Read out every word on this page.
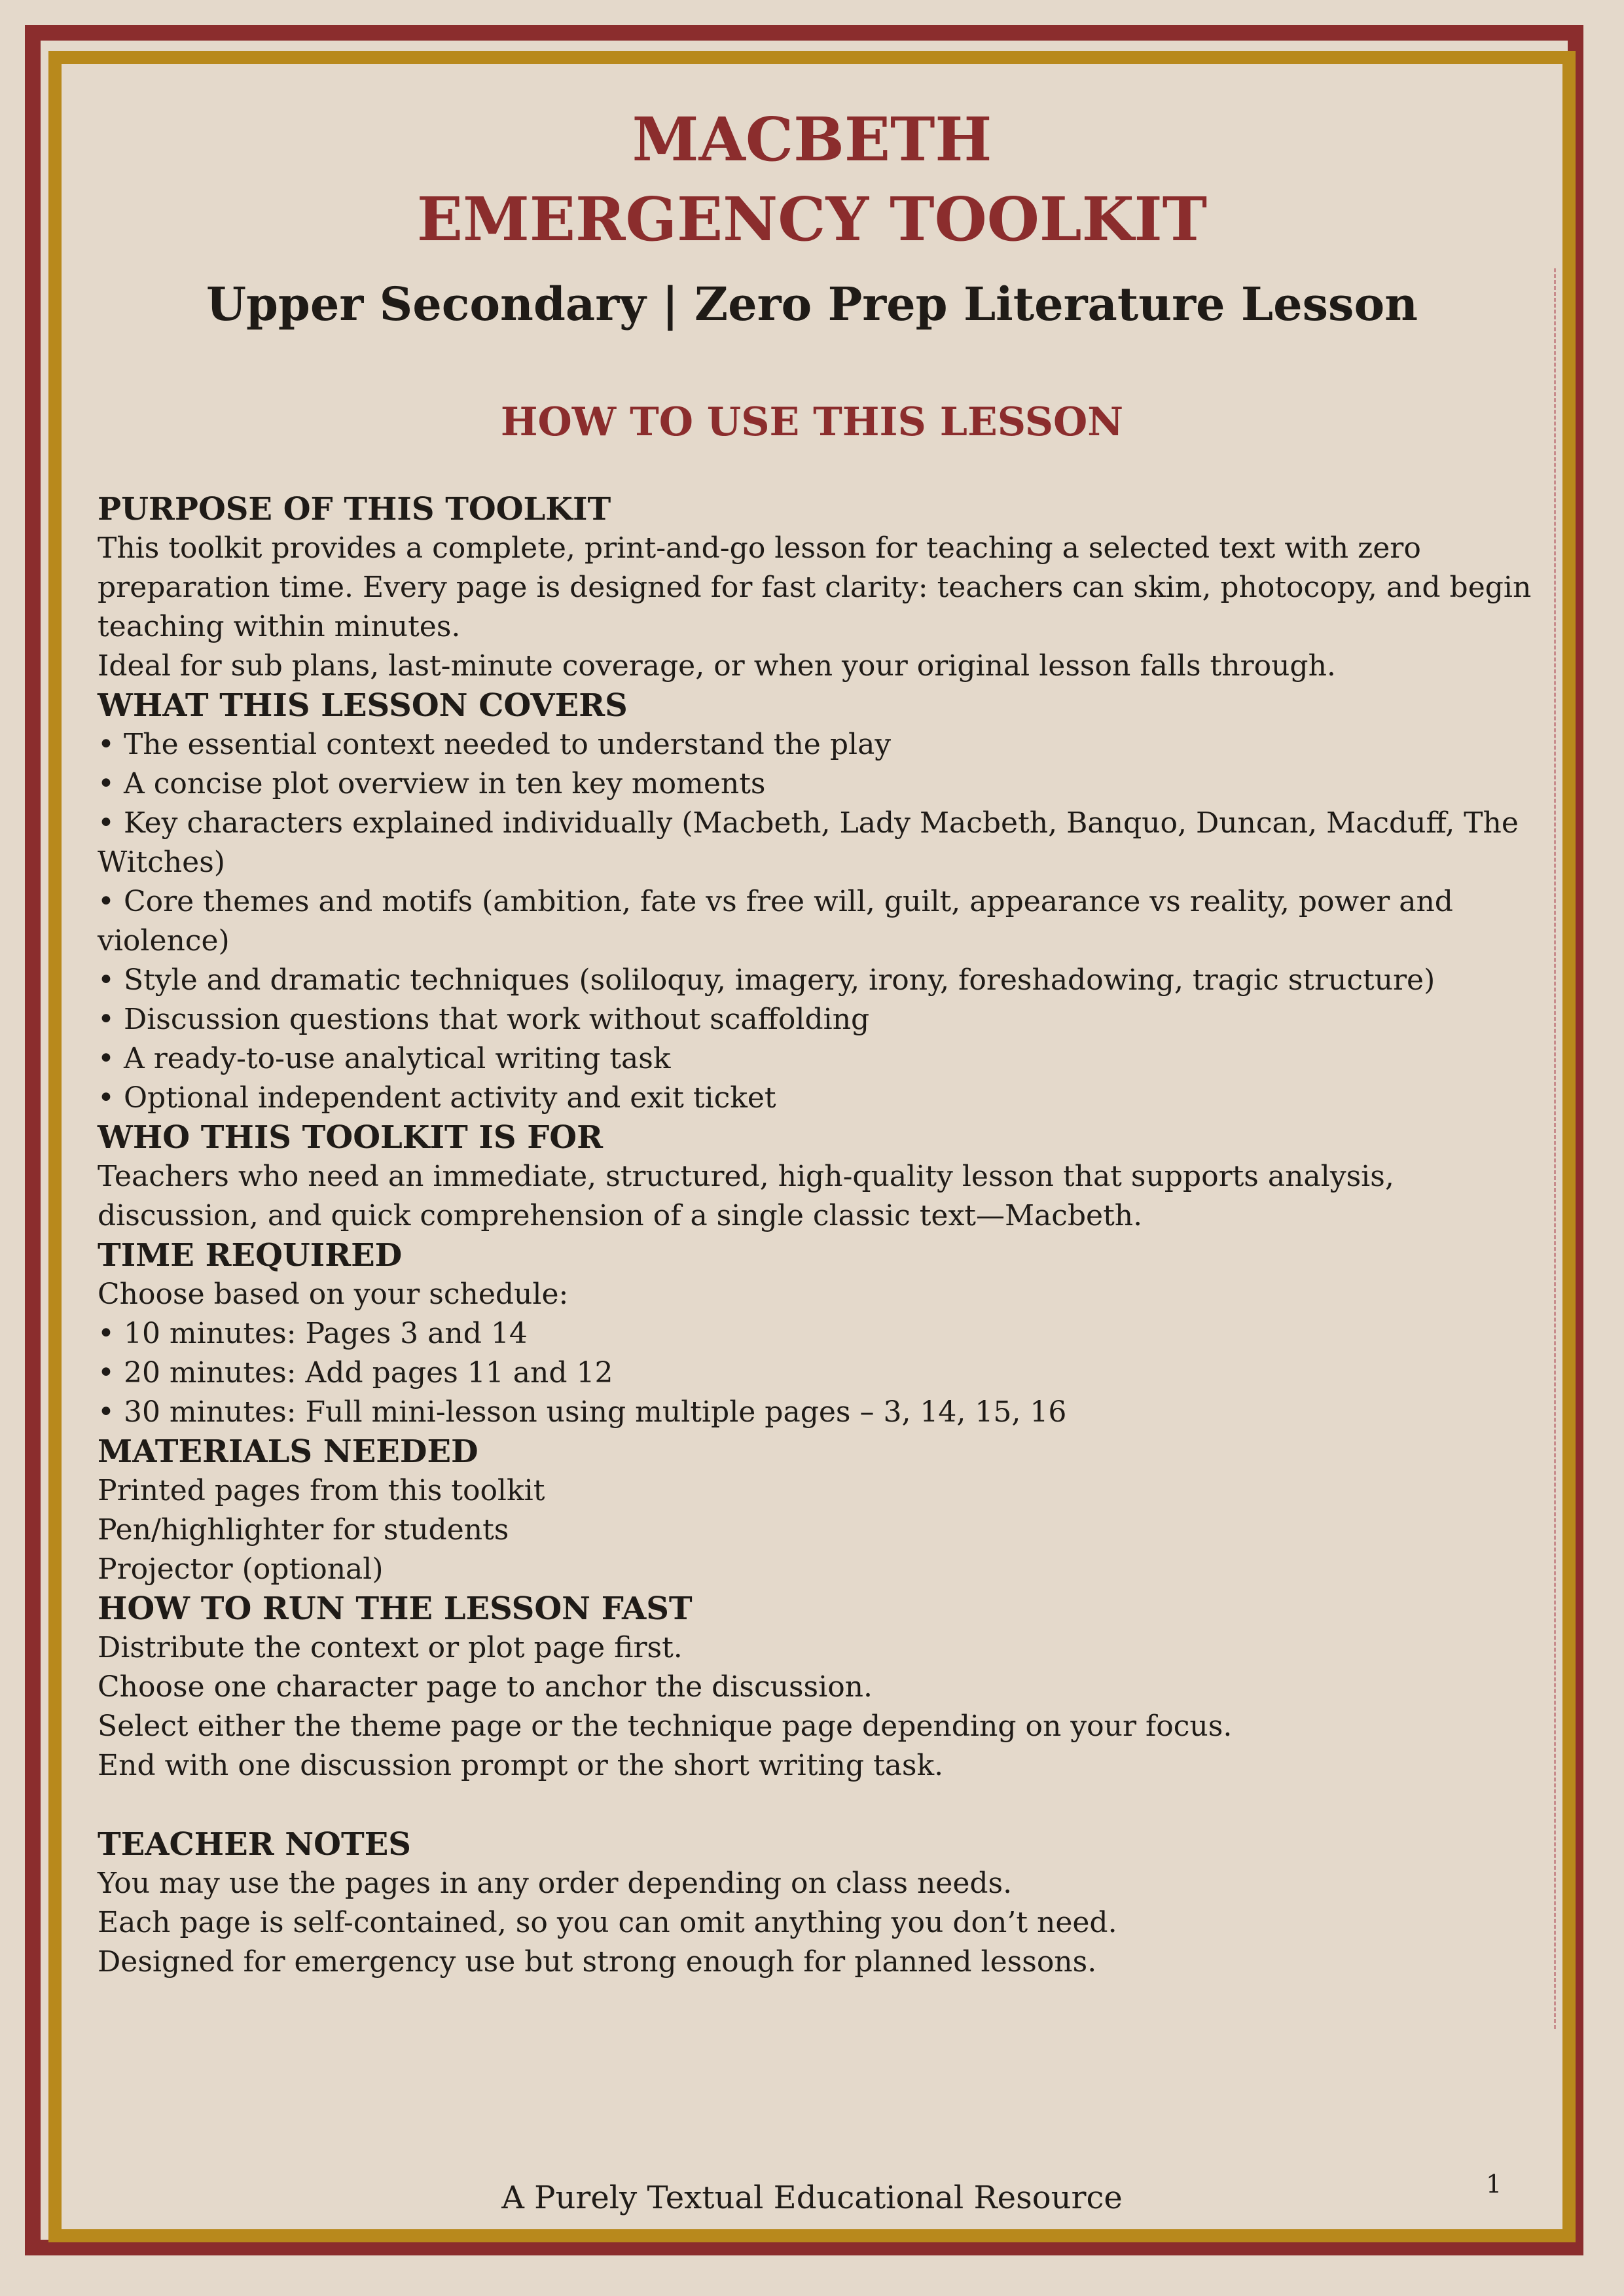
MACBETH
EMERGENCY TOOLKIT
Upper Secondary | Zero Prep Literature Lesson
HOW TO USE THIS LESSON
PURPOSE OF THIS TOOLKIT

This toolkit provides a complete, print-and-go lesson for teaching a selected text with zero preparation time. Every page is designed for fast clarity: teachers can skim, photocopy, and begin teaching within minutes.

Ideal for sub plans, last-minute coverage, or when your original lesson falls through.

WHAT THIS LESSON COVERS
• The essential context needed to understand the play
• A concise plot overview in ten key moments
• Key characters explained individually (Macbeth, Lady Macbeth, Banquo, Duncan, Macduff, The Witches)
• Core themes and motifs (ambition, fate vs free will, guilt, appearance vs reality, power and violence)
• Style and dramatic techniques (soliloquy, imagery, irony, foreshadowing, tragic structure)
• Discussion questions that work without scaffolding
• A ready-to-use analytical writing task
• Optional independent activity and exit ticket
WHO THIS TOOLKIT IS FOR

Teachers who need an immediate, structured, high-quality lesson that supports analysis, discussion, and quick comprehension of a single classic text—Macbeth.

TIME REQUIRED

Choose based on your schedule:

• 10 minutes: Pages 3 and 14
• 20 minutes: Add pages 11 and 12
• 30 minutes: Full mini-lesson using multiple pages – 3, 14, 15, 16
MATERIALS NEEDED

Printed pages from this toolkit

Pen/highlighter for students

Projector (optional)

HOW TO RUN THE LESSON FAST

Distribute the context or plot page first.

Choose one character page to anchor the discussion.

Select either the theme page or the technique page depending on your focus.

End with one discussion prompt or the short writing task.

TEACHER NOTES

You may use the pages in any order depending on class needs.

Each page is self-contained, so you can omit anything you don’t need.

Designed for emergency use but strong enough for planned lessons.

A Purely Textual Educational Resource	1
